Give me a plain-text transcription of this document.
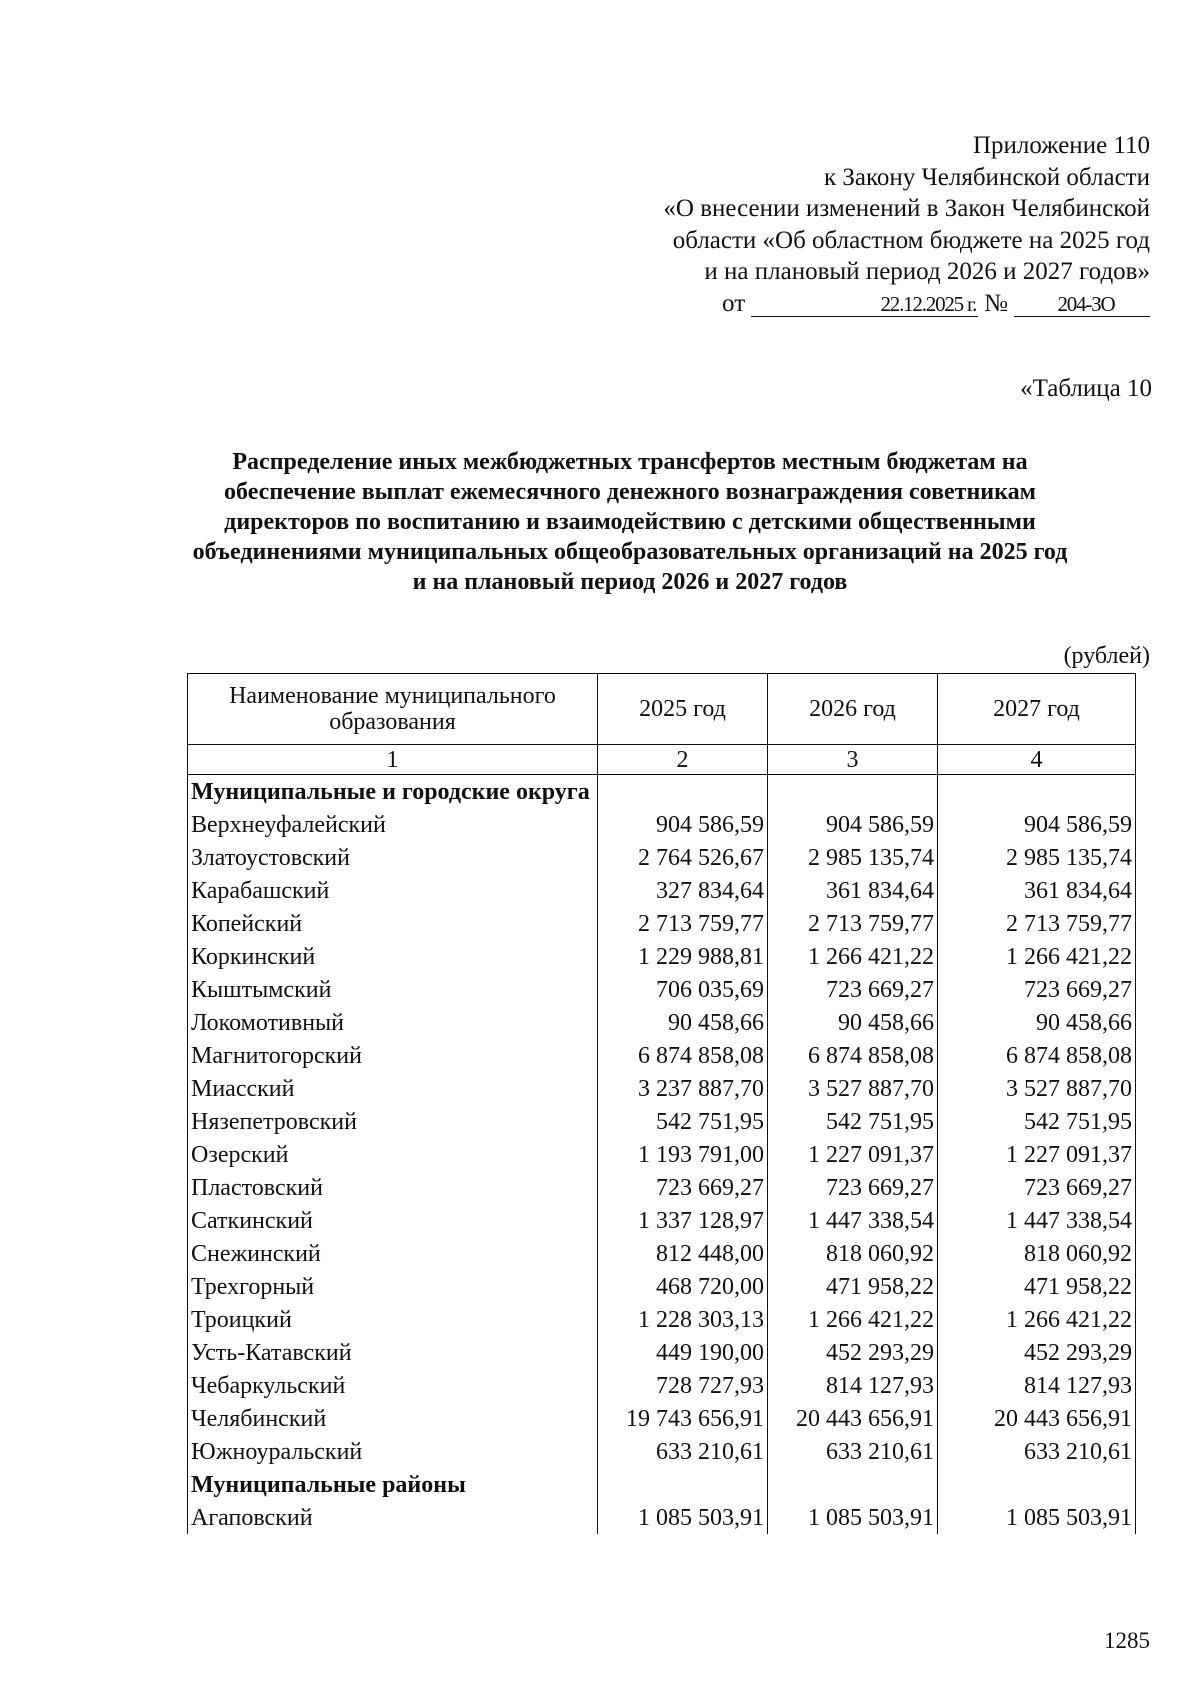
Приложение 110
к Закону Челябинской области
«О внесении изменений в Закон Челябинской
области «Об областном бюджете на 2025 год
и на плановый период 2026 и 2027 годов»
от	22.12.2025 г. №	204-ЗО
«Таблица 10
Распределение иных межбюджетных трансфертов местным бюджетам на
обеспечение выплат ежемесячного денежного вознаграждения советникам
директоров по воспитанию и взаимодействию с детскими общественными
объединениями муниципальных общеобразовательных организаций на 2025 год
и на плановый период 2026 и 2027 годов
(рублей)
Наименование муниципального образования	2025 год	2026 год	2027 год
1	2	3	4
Муниципальные и городские округа			
Верхнеуфалейский	904 586,59	904 586,59	904 586,59
Златоустовский	2 764 526,67	2 985 135,74	2 985 135,74
Карабашский	327 834,64	361 834,64	361 834,64
Копейский	2 713 759,77	2 713 759,77	2 713 759,77
Коркинский	1 229 988,81	1 266 421,22	1 266 421,22
Кыштымский	706 035,69	723 669,27	723 669,27
Локомотивный	90 458,66	90 458,66	90 458,66
Магнитогорский	6 874 858,08	6 874 858,08	6 874 858,08
Миасский	3 237 887,70	3 527 887,70	3 527 887,70
Нязепетровский	542 751,95	542 751,95	542 751,95
Озерский	1 193 791,00	1 227 091,37	1 227 091,37
Пластовский	723 669,27	723 669,27	723 669,27
Саткинский	1 337 128,97	1 447 338,54	1 447 338,54
Снежинский	812 448,00	818 060,92	818 060,92
Трехгорный	468 720,00	471 958,22	471 958,22
Троицкий	1 228 303,13	1 266 421,22	1 266 421,22
Усть-Катавский	449 190,00	452 293,29	452 293,29
Чебаркульский	728 727,93	814 127,93	814 127,93
Челябинский	19 743 656,91	20 443 656,91	20 443 656,91
Южноуральский	633 210,61	633 210,61	633 210,61
Муниципальные районы			
Агаповский	1 085 503,91	1 085 503,91	1 085 503,91
1285
